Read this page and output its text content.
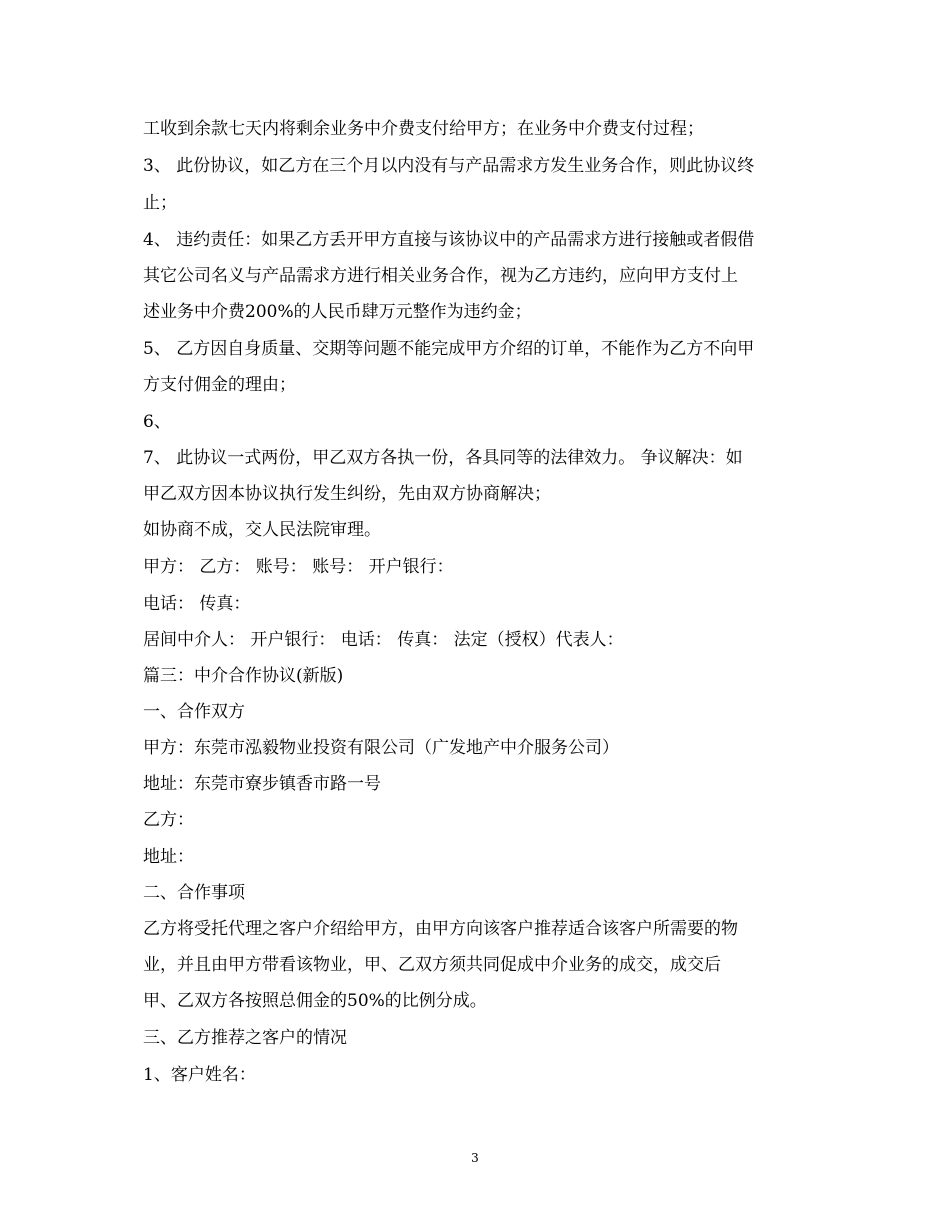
工收到余款七天内将剩余业务中介费支付给甲方；在业务中介费支付过程；
3、 此份协议，如乙方在三个月以内没有与产品需求方发生业务合作，则此协议终
止；
4、 违约责任：如果乙方丢开甲方直接与该协议中的产品需求方进行接触或者假借
其它公司名义与产品需求方进行相关业务合作，视为乙方违约，应向甲方支付上
述业务中介费200%的人民币肆万元整作为违约金；
5、 乙方因自身质量、交期等问题不能完成甲方介绍的订单，不能作为乙方不向甲
方支付佣金的理由；
6、
7、 此协议一式两份，甲乙双方各执一份，各具同等的法律效力。 争议解决：如
甲乙双方因本协议执行发生纠纷，先由双方协商解决；
如协商不成，交人民法院审理。
甲方： 乙方： 账号： 账号： 开户银行：
电话： 传真：
居间中介人： 开户银行： 电话： 传真： 法定（授权）代表人：
篇三：中介合作协议(新版)
一、合作双方
甲方：东莞市泓毅物业投资有限公司（广发地产中介服务公司）
地址：东莞市寮步镇香市路一号
乙方：
地址：
二、合作事项
乙方将受托代理之客户介绍给甲方，由甲方向该客户推荐适合该客户所需要的物
业，并且由甲方带看该物业，甲、乙双方须共同促成中介业务的成交，成交后
甲、乙双方各按照总佣金的50%的比例分成。
三、乙方推荐之客户的情况
1、客户姓名：
3
